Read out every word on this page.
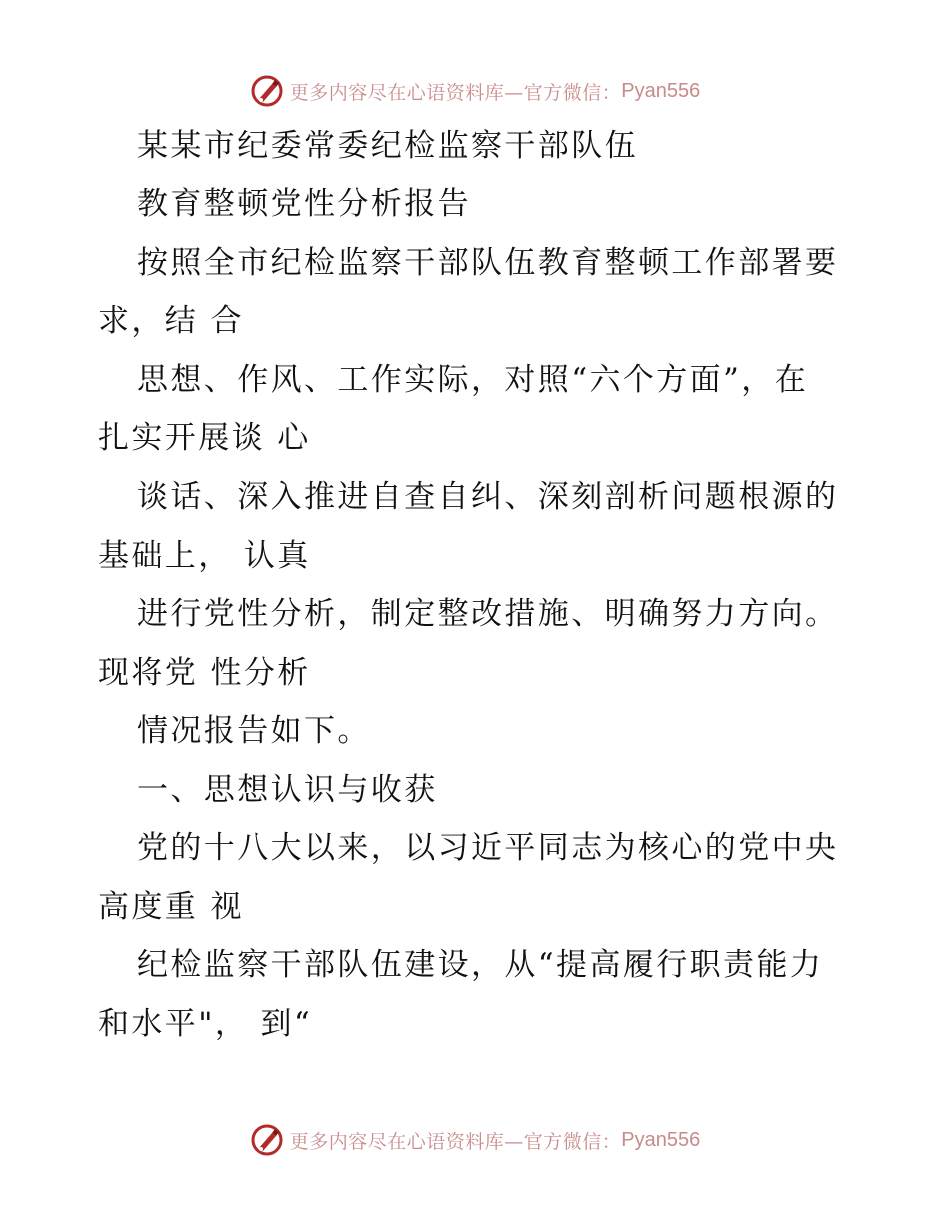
更多内容尽在心语资料库—官方微信： Pyan556
某某市纪委常委纪检监察干部队伍
教育整顿党性分析报告
按照全市纪检监察干部队伍教育整顿工作部署要
求，结 合
思想、作风、工作实际，对照“六个方面”，在
扎实开展谈 心
谈话、深入推进自查自纠、深刻剖析问题根源的
基础上， 认真
进行党性分析，制定整改措施、明确努力方向。
现将党 性分析
情况报告如下。
一、思想认识与收获
党的十八大以来，以习近平同志为核心的党中央
高度重 视
纪检监察干部队伍建设，从“提高履行职责能力
和水平"， 到“
更多内容尽在心语资料库—官方微信： Pyan556
